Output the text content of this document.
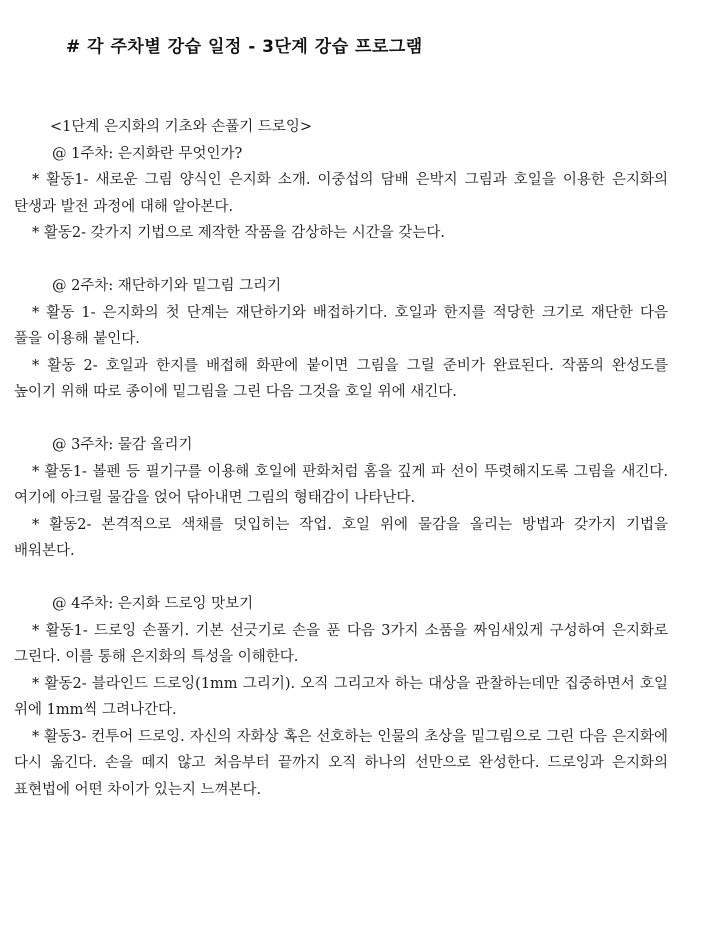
# 각 주차별 강습 일정 - 3단계 강습 프로그램

<1단계 은지화의 기초와 손풀기 드로잉>

@ 1주차: 은지화란 무엇인가?

* 활동1- 새로운 그림 양식인 은지화 소개. 이중섭의 담배 은박지 그림과 호일을 이용한 은지화의 탄생과 발전 과정에 대해 알아본다.

* 활동2- 갖가지 기법으로 제작한 작품을 감상하는 시간을 갖는다.

@ 2주차: 재단하기와 밑그림 그리기

* 활동 1- 은지화의 첫 단계는 재단하기와 배접하기다. 호일과 한지를 적당한 크기로 재단한 다음 풀을 이용해 붙인다.

* 활동 2- 호일과 한지를 배접해 화판에 붙이면 그림을 그릴 준비가 완료된다. 작품의 완성도를 높이기 위해 따로 종이에 밑그림을 그린 다음 그것을 호일 위에 새긴다.

@ 3주차: 물감 올리기

* 활동1- 볼펜 등 필기구를 이용해 호일에 판화처럼 홈을 깊게 파 선이 뚜렷해지도록 그림을 새긴다. 여기에 아크릴 물감을 얹어 닦아내면 그림의 형태감이 나타난다.

* 활동2- 본격적으로 색채를 덧입히는 작업. 호일 위에 물감을 올리는 방법과 갖가지 기법을 배워본다.

@ 4주차: 은지화 드로잉 맛보기

* 활동1- 드로잉 손풀기. 기본 선긋기로 손을 푼 다음 3가지 소품을 짜임새있게 구성하여 은지화로 그린다. 이를 통해 은지화의 특성을 이해한다.

* 활동2- 블라인드 드로잉(1mm 그리기). 오직 그리고자 하는 대상을 관찰하는데만 집중하면서 호일 위에 1mm씩 그려나간다.

* 활동3- 컨투어 드로잉. 자신의 자화상 혹은 선호하는 인물의 초상을 밑그림으로 그린 다음 은지화에 다시 옮긴다. 손을 떼지 않고 처음부터 끝까지 오직 하나의 선만으로 완성한다. 드로잉과 은지화의 표현법에 어떤 차이가 있는지 느껴본다.
